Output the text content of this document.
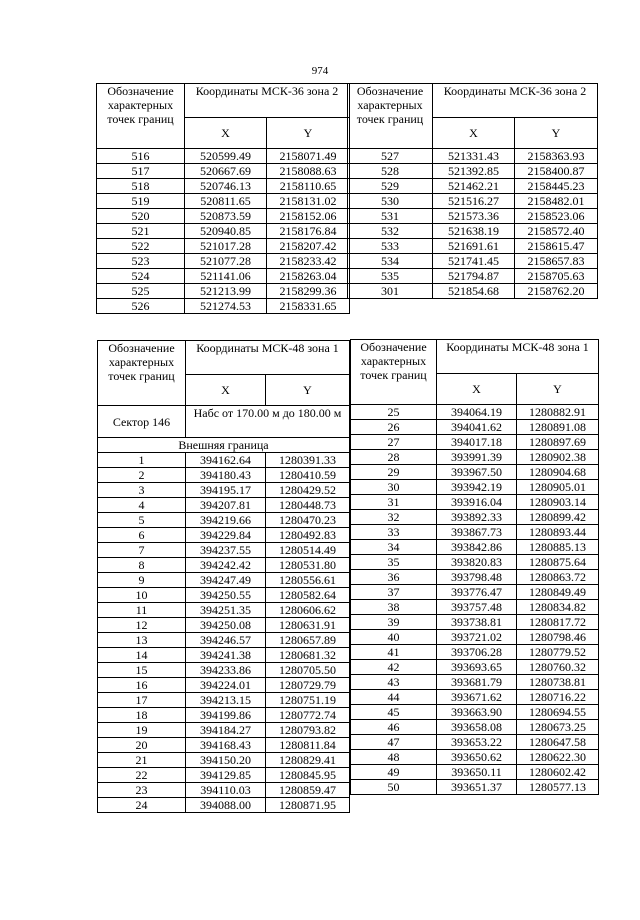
974
Обозначение характерных точек границ	Координаты МСК-36 зона 2	
	X	Y
516	520599.49	2158071.49
517	520667.69	2158088.63
518	520746.13	2158110.65
519	520811.65	2158131.02
520	520873.59	2158152.06
521	520940.85	2158176.84
522	521017.28	2158207.42
523	521077.28	2158233.42
524	521141.06	2158263.04
525	521213.99	2158299.36
526	521274.53	2158331.65
Обозначение характерных точек границ	Координаты МСК-36 зона 2	
	X	Y
527	521331.43	2158363.93
528	521392.85	2158400.87
529	521462.21	2158445.23
530	521516.27	2158482.01
531	521573.36	2158523.06
532	521638.19	2158572.40
533	521691.61	2158615.47
534	521741.45	2158657.83
535	521794.87	2158705.63
301	521854.68	2158762.20
Обозначение характерных точек границ	Координаты МСК-48 зона 1	
	X	Y
Сектор 146	Набс от 170.00 м до 180.00 м	
Внешняя граница		
1	394162.64	1280391.33
2	394180.43	1280410.59
3	394195.17	1280429.52
4	394207.81	1280448.73
5	394219.66	1280470.23
6	394229.84	1280492.83
7	394237.55	1280514.49
8	394242.42	1280531.80
9	394247.49	1280556.61
10	394250.55	1280582.64
11	394251.35	1280606.62
12	394250.08	1280631.91
13	394246.57	1280657.89
14	394241.38	1280681.32
15	394233.86	1280705.50
16	394224.01	1280729.79
17	394213.15	1280751.19
18	394199.86	1280772.74
19	394184.27	1280793.82
20	394168.43	1280811.84
21	394150.20	1280829.41
22	394129.85	1280845.95
23	394110.03	1280859.47
24	394088.00	1280871.95
Обозначение характерных точек границ	Координаты МСК-48 зона 1	
	X	Y
25	394064.19	1280882.91
26	394041.62	1280891.08
27	394017.18	1280897.69
28	393991.39	1280902.38
29	393967.50	1280904.68
30	393942.19	1280905.01
31	393916.04	1280903.14
32	393892.33	1280899.42
33	393867.73	1280893.44
34	393842.86	1280885.13
35	393820.83	1280875.64
36	393798.48	1280863.72
37	393776.47	1280849.49
38	393757.48	1280834.82
39	393738.81	1280817.72
40	393721.02	1280798.46
41	393706.28	1280779.52
42	393693.65	1280760.32
43	393681.79	1280738.81
44	393671.62	1280716.22
45	393663.90	1280694.55
46	393658.08	1280673.25
47	393653.22	1280647.58
48	393650.62	1280622.30
49	393650.11	1280602.42
50	393651.37	1280577.13
